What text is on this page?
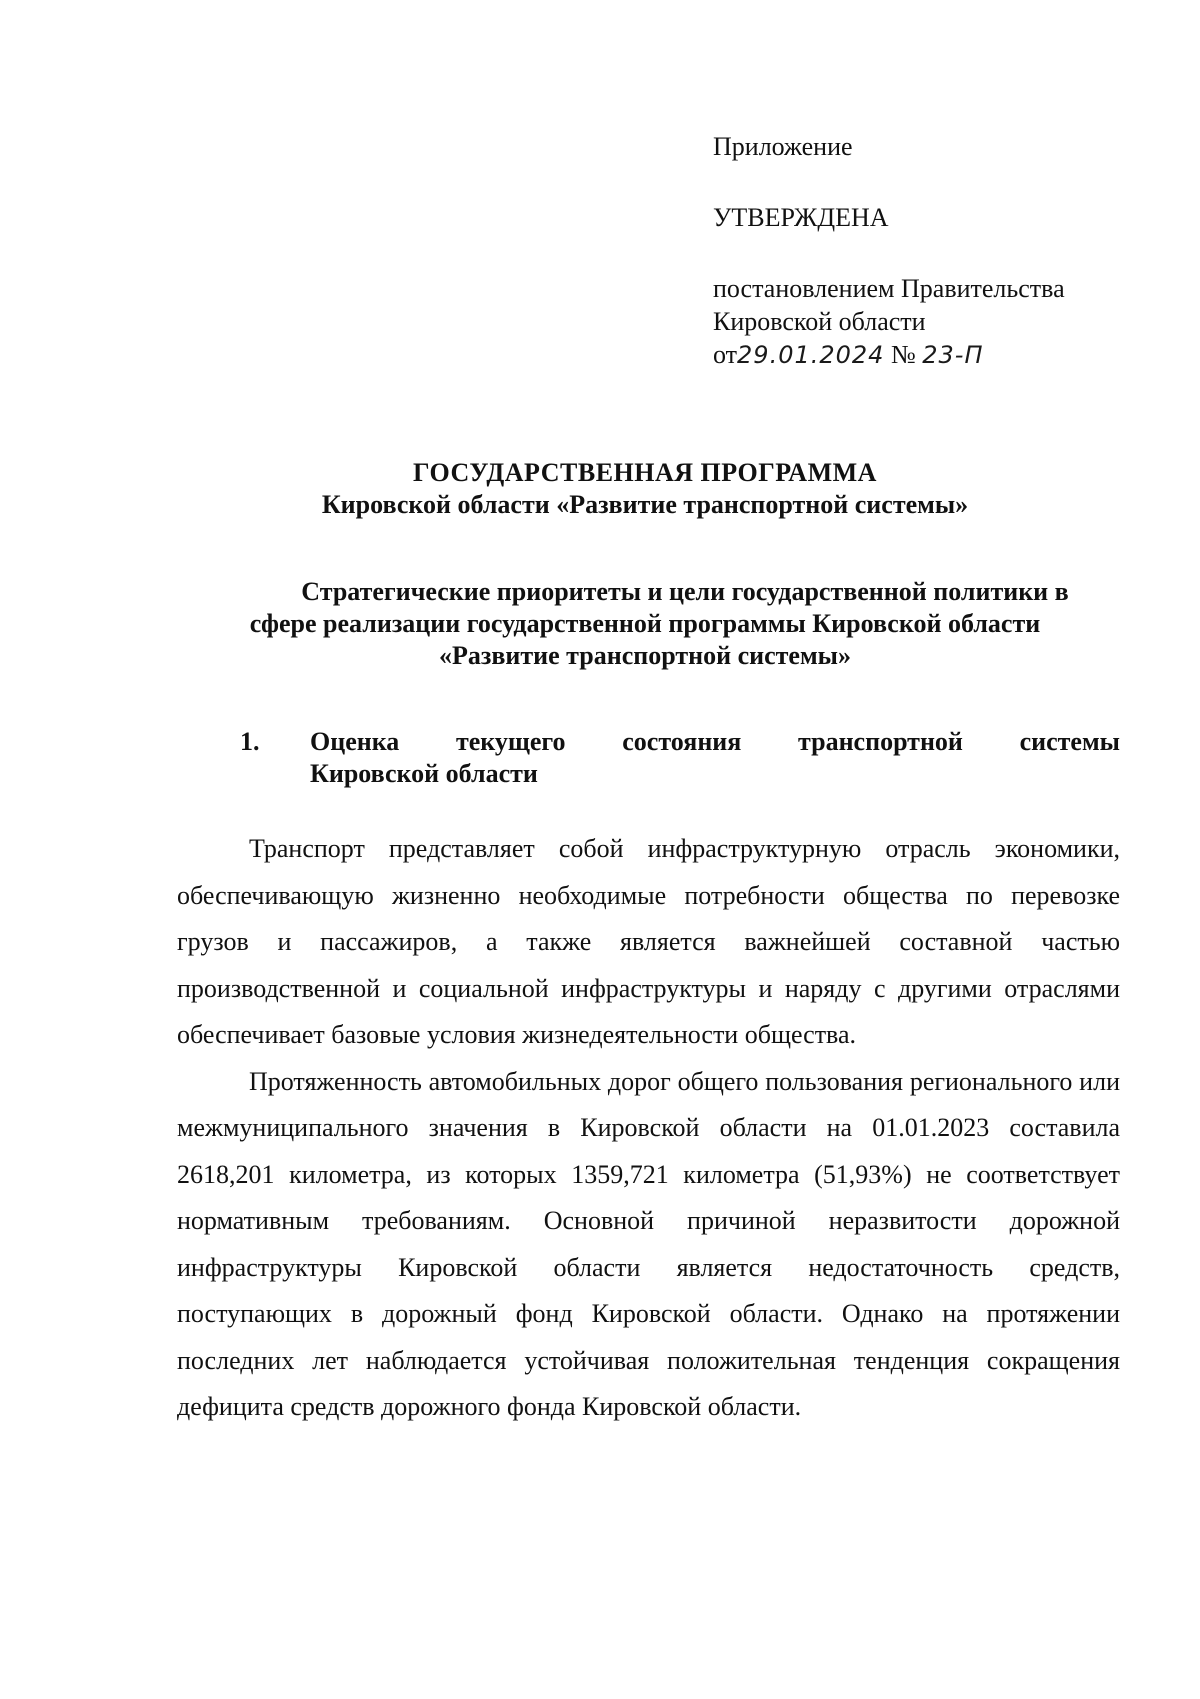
Приложение
УТВЕРЖДЕНА
постановлением Правительства
Кировской области
от29.01.2024 № 23-П
ГОСУДАРСТВЕННАЯ ПРОГРАММА
Кировской области «Развитие транспортной системы»
Стратегические приоритеты и цели государственной политики в
сфере реализации государственной программы Кировской области
«Развитие транспортной системы»
1. Оценка текущего состояния транспортной системы
Кировской области

Транспорт представляет собой инфраструктурную отрасль экономики, обеспечивающую жизненно необходимые потребности общества по перевозке грузов и пассажиров, а также является важнейшей составной частью производственной и социальной инфраструктуры и наряду с другими отраслями обеспечивает базовые условия жизнедеятельности общества.

Протяженность автомобильных дорог общего пользования регионального или межмуниципального значения в Кировской области на 01.01.2023 составила 2618,201 километра, из которых 1359,721 километра (51,93%) не соответствует нормативным требованиям. Основной причиной неразвитости дорожной инфраструктуры Кировской области является недостаточность средств, поступающих в дорожный фонд Кировской области. Однако на протяжении последних лет наблюдается устойчивая положительная тенденция сокращения дефицита средств дорожного фонда Кировской области.
